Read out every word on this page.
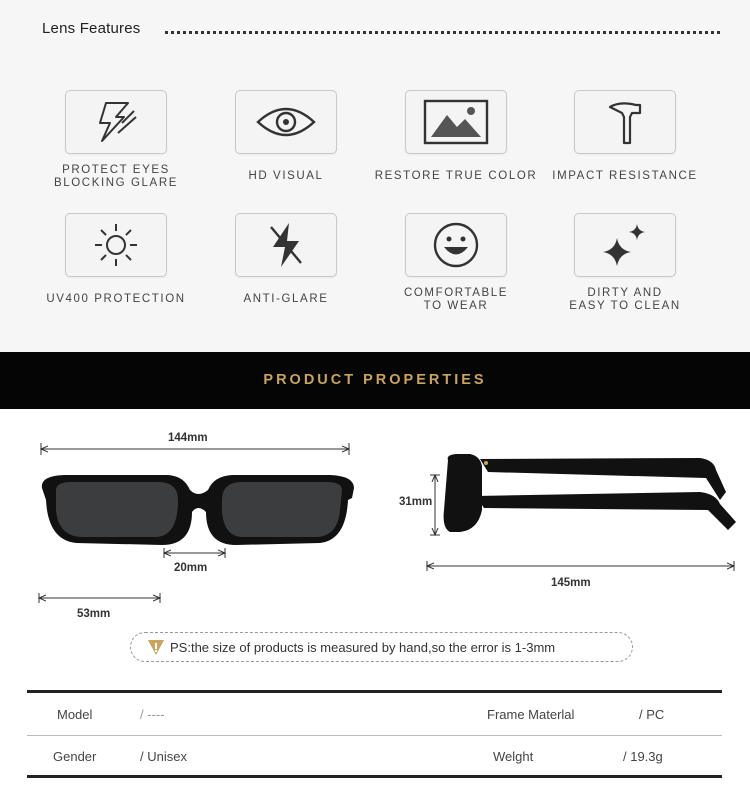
Lens Features
PROTECT EYES
BLOCKING GLARE
HD VISUAL	RESTORE TRUE COLOR	IMPACT RESISTANCE
UV400 PROTECTION	ANTI-GLARE	COMFORTABLE
TO WEAR
DIRTY AND
EASY TO CLEAN
PRODUCT PROPERTIES
144mm
20mm
53mm
31mm
145mm
PS:the size of products is measured by hand,so the error is 1-3mm
Model	/ ----	Frame Materlal	/ PC
Gender	/ Unisex	Welght	/ 19.3g
